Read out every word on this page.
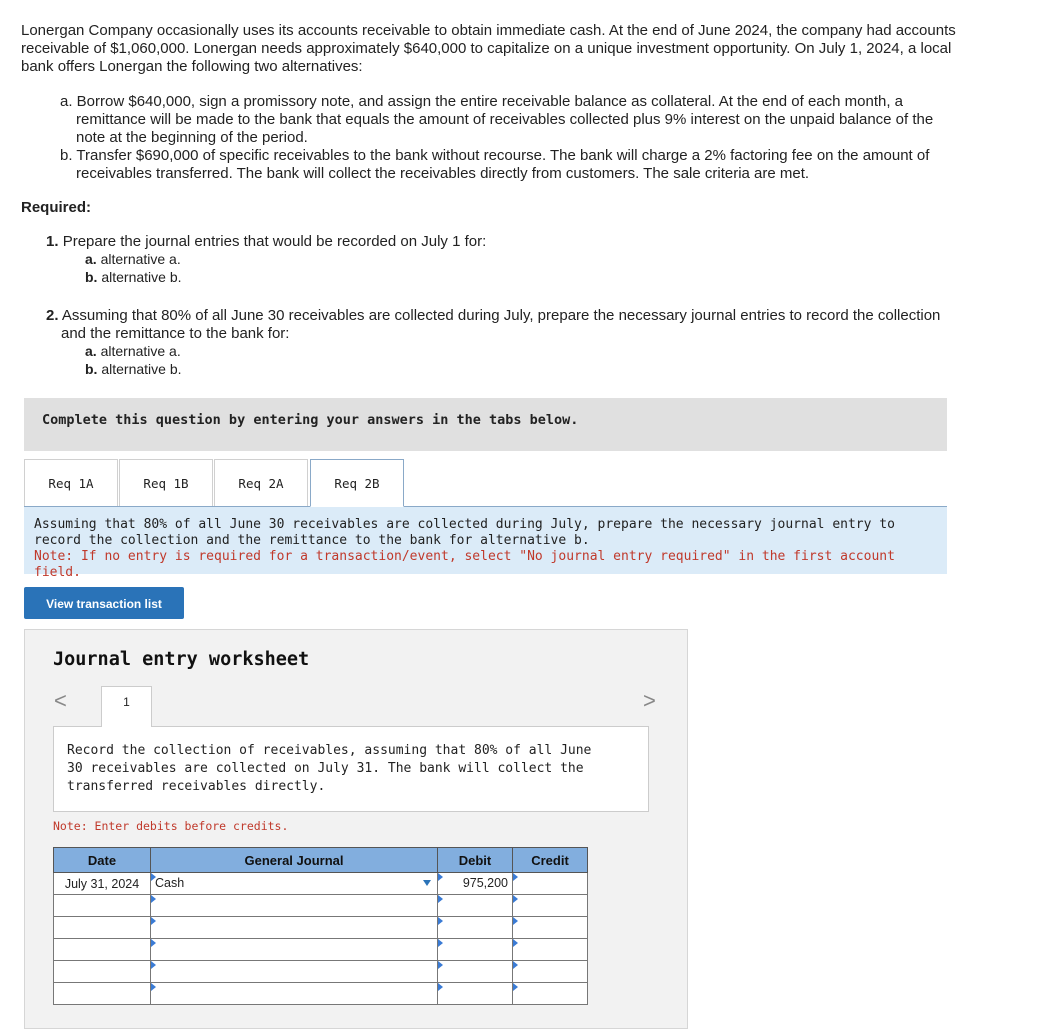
Lonergan Company occasionally uses its accounts receivable to obtain immediate cash. At the end of June 2024, the company had accounts receivable of $1,060,000. Lonergan needs approximately $640,000 to capitalize on a unique investment opportunity. On July 1, 2024, a local bank offers Lonergan the following two alternatives:
a. Borrow $640,000, sign a promissory note, and assign the entire receivable balance as collateral. At the end of each month, a remittance will be made to the bank that equals the amount of receivables collected plus 9% interest on the unpaid balance of the note at the beginning of the period.
b. Transfer $690,000 of specific receivables to the bank without recourse. The bank will charge a 2% factoring fee on the amount of receivables transferred. The bank will collect the receivables directly from customers. The sale criteria are met.
Required:
1. Prepare the journal entries that would be recorded on July 1 for:
a. alternative a.
b. alternative b.
2. Assuming that 80% of all June 30 receivables are collected during July, prepare the necessary journal entries to record the collection and the remittance to the bank for:
a. alternative a.
b. alternative b.
Complete this question by entering your answers in the tabs below.
Req 1A	Req 1B	Req 2A	Req 2B
Assuming that 80% of all June 30 receivables are collected during July, prepare the necessary journal entry to record the collection and the remittance to the bank for alternative b.
Note: If no entry is required for a transaction/event, select "No journal entry required" in the first account field.
View transaction list
Journal entry worksheet
<	>
1
Record the collection of receivables, assuming that 80% of all June 30 receivables are collected on July 31. The bank will collect the transferred receivables directly.
Note: Enter debits before credits.
Date	General Journal	Debit	Credit
July 31, 2024	Cash	975,200	
